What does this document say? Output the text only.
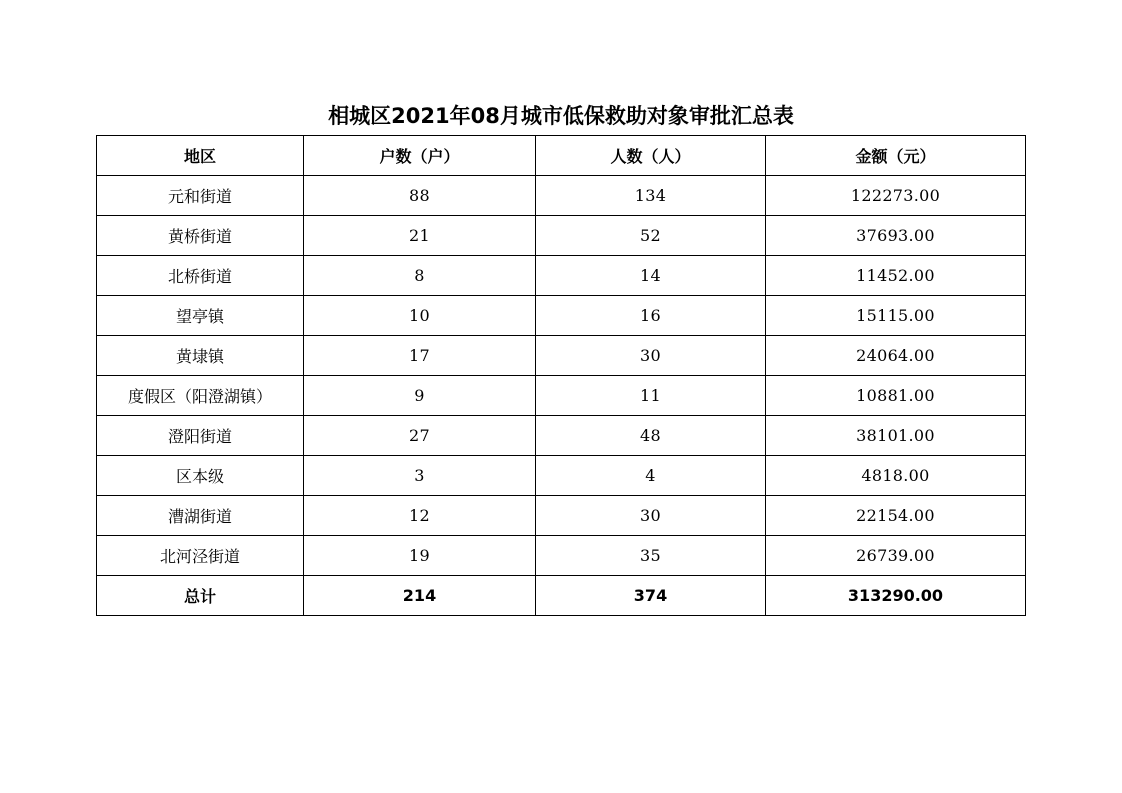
相城区2021年08月城市低保救助对象审批汇总表
地区	户数（户）	人数（人）	金额（元）
元和街道	88	134	122273.00
黄桥街道	21	52	37693.00
北桥街道	8	14	11452.00
望亭镇	10	16	15115.00
黄埭镇	17	30	24064.00
度假区（阳澄湖镇）	9	11	10881.00
澄阳街道	27	48	38101.00
区本级	3	4	4818.00
漕湖街道	12	30	22154.00
北河泾街道	19	35	26739.00
总计	214	374	313290.00
